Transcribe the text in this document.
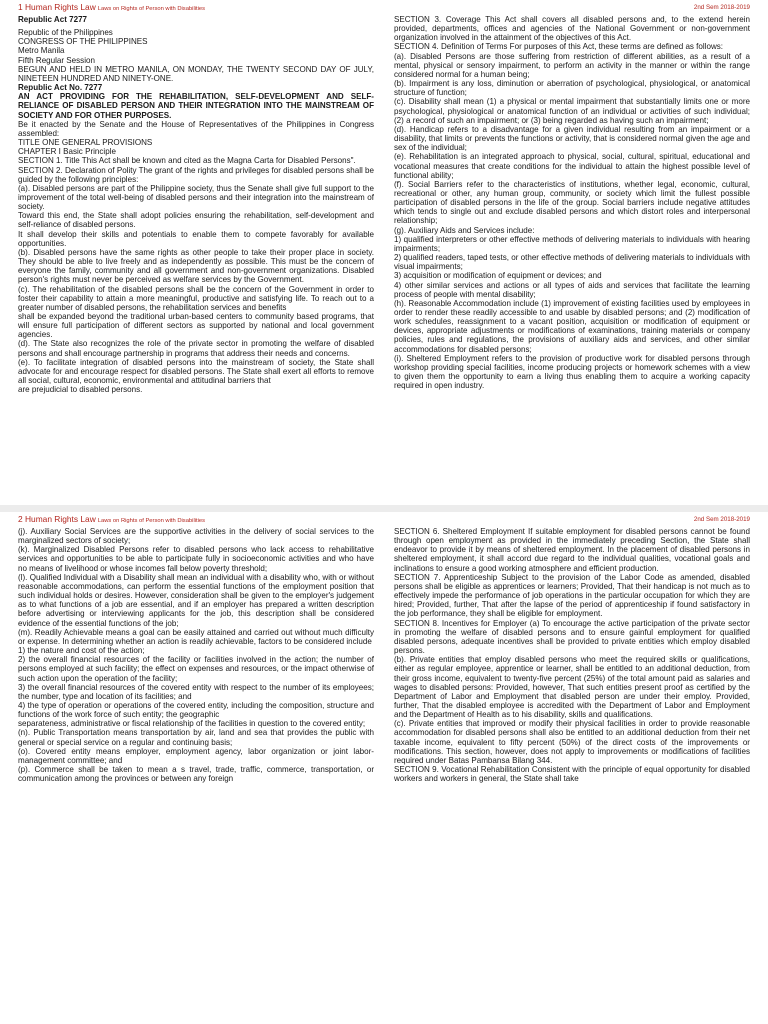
1 Human Rights Law Laws on Rights of Person with Disabilities	2nd Sem 2018-2019

Republic Act 7277

Republic of the Philippines

CONGRESS OF THE PHILIPPINES

Metro Manila

Fifth Regular Session

BEGUN AND HELD IN METRO MANILA, ON MONDAY, THE TWENTY SECOND DAY OF JULY, NINETEEN HUNDRED AND NINETY-ONE.

Republic Act No. 7277

AN ACT PROVIDING FOR THE REHABILITATION, SELF-DEVELOPMENT AND SELF-RELIANCE OF DISABLED PERSON AND THEIR INTEGRATION INTO THE MAINSTREAM OF SOCIETY AND FOR OTHER PURPOSES.

Be it enacted by the Senate and the House of Representatives of the Philippines in Congress assembled:

TITLE ONE GENERAL PROVISIONS

CHAPTER I Basic Principle

SECTION 1. Title This Act shall be known and cited as the Magna Carta for Disabled Persons".

SECTION 2. Declaration of Polity The grant of the rights and privileges for disabled persons shall be guided by the following principles:

(a). Disabled persons are part of the Philippine society, thus the Senate shall give full support to the improvement of the total well-being of disabled persons and their integration into the mainstream of society.

Toward this end, the State shall adopt policies ensuring the rehabilitation, self-development and self-reliance of disabled persons.

It shall develop their skills and potentials to enable them to compete favorably for available opportunities.

(b). Disabled persons have the same rights as other people to take their proper place in society. They should be able to live freely and as independently as possible. This must be the concern of everyone the family, community and all government and non-government organizations. Disabled person's rights must never be perceived as welfare services by the Government.

(c). The rehabilitation of the disabled persons shall be the concern of the Government in order to foster their capability to attain a more meaningful, productive and satisfying life. To reach out to a greater number of disabled persons, the rehabilitation services and benefits

shall be expanded beyond the traditional urban-based centers to community based programs, that will ensure full participation of different sectors as supported by national and local government agencies.

(d). The State also recognizes the role of the private sector in promoting the welfare of disabled persons and shall encourage partnership in programs that address their needs and concerns.

(e). To facilitate integration of disabled persons into the mainstream of society, the State shall advocate for and encourage respect for disabled persons. The State shall exert all efforts to remove all social, cultural, economic, environmental and attitudinal barriers that

are prejudicial to disabled persons.

SECTION 3. Coverage This Act shall covers all disabled persons and, to the extend herein provided, departments, offices and agencies of the National Government or non-government organization involved in the attainment of the objectives of this Act.

SECTION 4. Definition of Terms For purposes of this Act, these terms are defined as follows:

(a). Disabled Persons are those suffering from restriction of different abilities, as a result of a mental, physical or sensory impairment, to perform an activity in the manner or within the range considered normal for a human being;

(b). Impairment is any loss, diminution or aberration of psychological, physiological, or anatomical structure of function;

(c). Disability shall mean (1) a physical or mental impairment that substantially limits one or more psychological, physiological or anatomical function of an individual or activities of such individual; (2) a record of such an impairment; or (3) being regarded as having such an impairment;

(d). Handicap refers to a disadvantage for a given individual resulting from an impairment or a disability, that limits or prevents the functions or activity, that is considered normal given the age and sex of the individual;

(e). Rehabilitation is an integrated approach to physical, social, cultural, spiritual, educational and vocational measures that create conditions for the individual to attain the highest possible level of functional ability;

(f). Social Barriers refer to the characteristics of institutions, whether legal, economic, cultural, recreational or other, any human group, community, or society which limit the fullest possible participation of disabled persons in the life of the group. Social barriers include negative attitudes which tends to single out and exclude disabled persons and which distort roles and interpersonal relationship;

(g). Auxiliary Aids and Services include:

1) qualified interpreters or other effective methods of delivering materials to individuals with hearing impairments;

2) qualified readers, taped tests, or other effective methods of delivering materials to individuals with visual impairments;

3) acquisition or modification of equipment or devices; and

4) other similar services and actions or all types of aids and services that facilitate the learning process of people with mental disability;

(h). Reasonable Accommodation include (1) improvement of existing facilities used by employees in order to render these readily accessible to and usable by disabled persons; and (2) modification of work schedules, reassignment to a vacant position, acquisition or modification of equipment or devices, appropriate adjustments or modifications of examinations, training materials or company policies, rules and regulations, the provisions of auxiliary aids and services, and other similar accommodations for disabled persons;

(i). Sheltered Employment refers to the provision of productive work for disabled persons through workshop providing special facilities, income producing projects or homework schemes with a view to given them the opportunity to earn a living thus enabling them to acquire a working capacity required in open industry.

2 Human Rights Law Laws on Rights of Person with Disabilities	2nd Sem 2018-2019

(j). Auxiliary Social Services are the supportive activities in the delivery of social services to the marginalized sectors of society;

(k). Marginalized Disabled Persons refer to disabled persons who lack access to rehabilitative services and opportunities to be able to participate fully in socioeconomic activities and who have no means of livelihood or whose incomes fall below poverty threshold;

(l). Qualified Individual with a Disability shall mean an individual with a disability who, with or without reasonable accommodations, can perform the essential functions of the employment position that such individual holds or desires. However, consideration shall be given to the employer's judgement as to what functions of a job are essential, and if an employer has prepared a written description before advertising or interviewing applicants for the job, this description shall be considered evidence of the essential functions of the job;

(m). Readily Achievable means a goal can be easily attained and carried out without much difficulty or expense. In determining whether an action is readily achievable, factors to be considered include

1) the nature and cost of the action;

2) the overall financial resources of the facility or facilities involved in the action; the number of persons employed at such facility; the effect on expenses and resources, or the impact otherwise of such action upon the operation of the facility;

3) the overall financial resources of the covered entity with respect to the number of its employees; the number, type and location of its facilities; and

4) the type of operation or operations of the covered entity, including the composition, structure and functions of the work force of such entity; the geographic

separateness, administrative or fiscal relationship of the facilities in question to the covered entity;

(n). Public Transportation means transportation by air, land and sea that provides the public with general or special service on a regular and continuing basis;

(o). Covered entity means employer, employment agency, labor organization or joint labor-management committee; and

(p). Commerce shall be taken to mean a s travel, trade, traffic, commerce, transportation, or communication among the provinces or between any foreign

SECTION 6. Sheltered Employment If suitable employment for disabled persons cannot be found through open employment as provided in the immediately preceding Section, the State shall endeavor to provide it by means of sheltered employment. In the placement of disabled persons in sheltered employment, it shall accord due regard to the individual qualities, vocational goals and inclinations to ensure a good working atmosphere and efficient production.

SECTION 7. Apprenticeship Subject to the provision of the Labor Code as amended, disabled persons shall be eligible as apprentices or learners; Provided, That their handicap is not much as to effectively impede the performance of job operations in the particular occupation for which they are hired; Provided, further, That after the lapse of the period of apprenticeship if found satisfactory in the job performance, they shall be eligible for employment.

SECTION 8. Incentives for Employer (a) To encourage the active participation of the private sector in promoting the welfare of disabled persons and to ensure gainful employment for qualified disabled persons, adequate incentives shall be provided to private entities which employ disabled persons.

(b). Private entities that employ disabled persons who meet the required skills or qualifications, either as regular employee, apprentice or learner, shall be entitled to an additional deduction, from their gross income, equivalent to twenty-five percent (25%) of the total amount paid as salaries and wages to disabled persons: Provided, however, That such entities present proof as certified by the Department of Labor and Employment that disabled person are under their employ. Provided, further, That the disabled employee is accredited with the Department of Labor and Employment and the Department of Health as to his disability, skills and qualifications.

(c). Private entities that improved or modify their physical facilities in order to provide reasonable accommodation for disabled persons shall also be entitled to an additional deduction from their net taxable income, equivalent to fifty percent (50%) of the direct costs of the improvements or modifications. This section, however, does not apply to improvements or modifications of facilities required under Batas Pambansa Bilang 344.

SECTION 9. Vocational Rehabilitation Consistent with the principle of equal opportunity for disabled workers and workers in general, the State shall take
